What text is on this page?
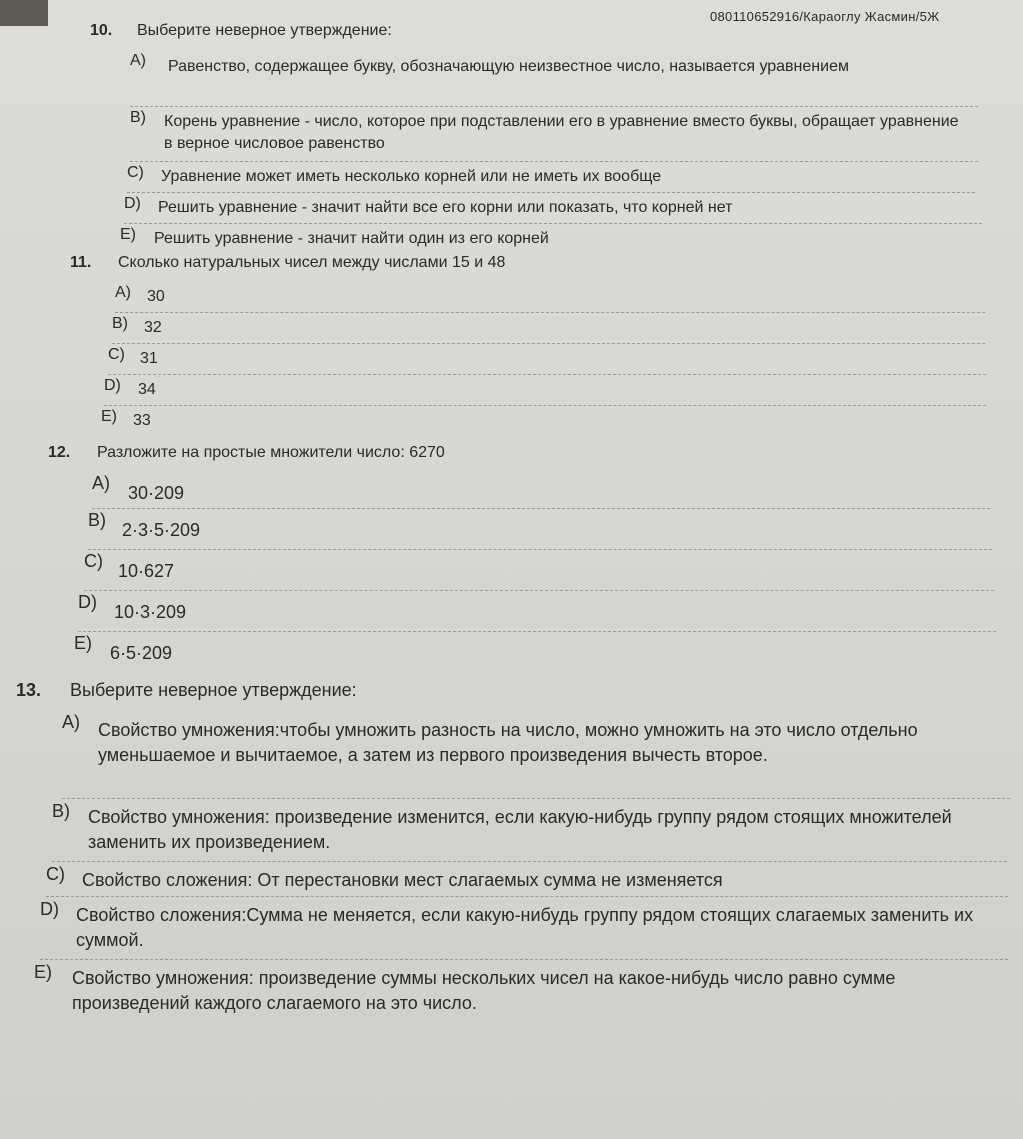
080110652916/Караоглу Жасмин/5Ж
10. Выберите неверное утверждение:
A)	Равенство, содержащее букву, обозначающую неизвестное число, называется уравнением
B)	Корень уравнение - число, которое при подставлении его в уравнение вместо буквы, обращает уравнение в верное числовое равенство
C)	Уравнение может иметь несколько корней или не иметь их вообще
D)	Решить уравнение - значит найти все его корни или показать, что корней нет
E)	Решить уравнение - значит найти один из его корней
11. Сколько натуральных чисел между числами 15 и 48
A)	30
B)	32
C) 31
D)	34
E)	33
12. Разложите на простые множители число: 6270
A)	30·209
B) 2·3·5·209
C) 10·627
D) 10·3·209
E)	6·5·209
13. Выберите неверное утверждение:
A)	Свойство умножения:чтобы умножить разность на число, можно умножить на это число отдельно уменьшаемое и вычитаемое, а затем из первого произведения вычесть второе.
B)	Свойство умножения: произведение изменится, если какую-нибудь группу рядом стоящих множителей заменить их произведением.
C) Свойство сложения: От перестановки мест слагаемых сумма не изменяется
D) Свойство сложения:Сумма не меняется, если какую-нибудь группу рядом стоящих слагаемых заменить их суммой.
E)	Свойство умножения: произведение суммы нескольких чисел на какое-нибудь число равно сумме произведений каждого слагаемого на это число.
